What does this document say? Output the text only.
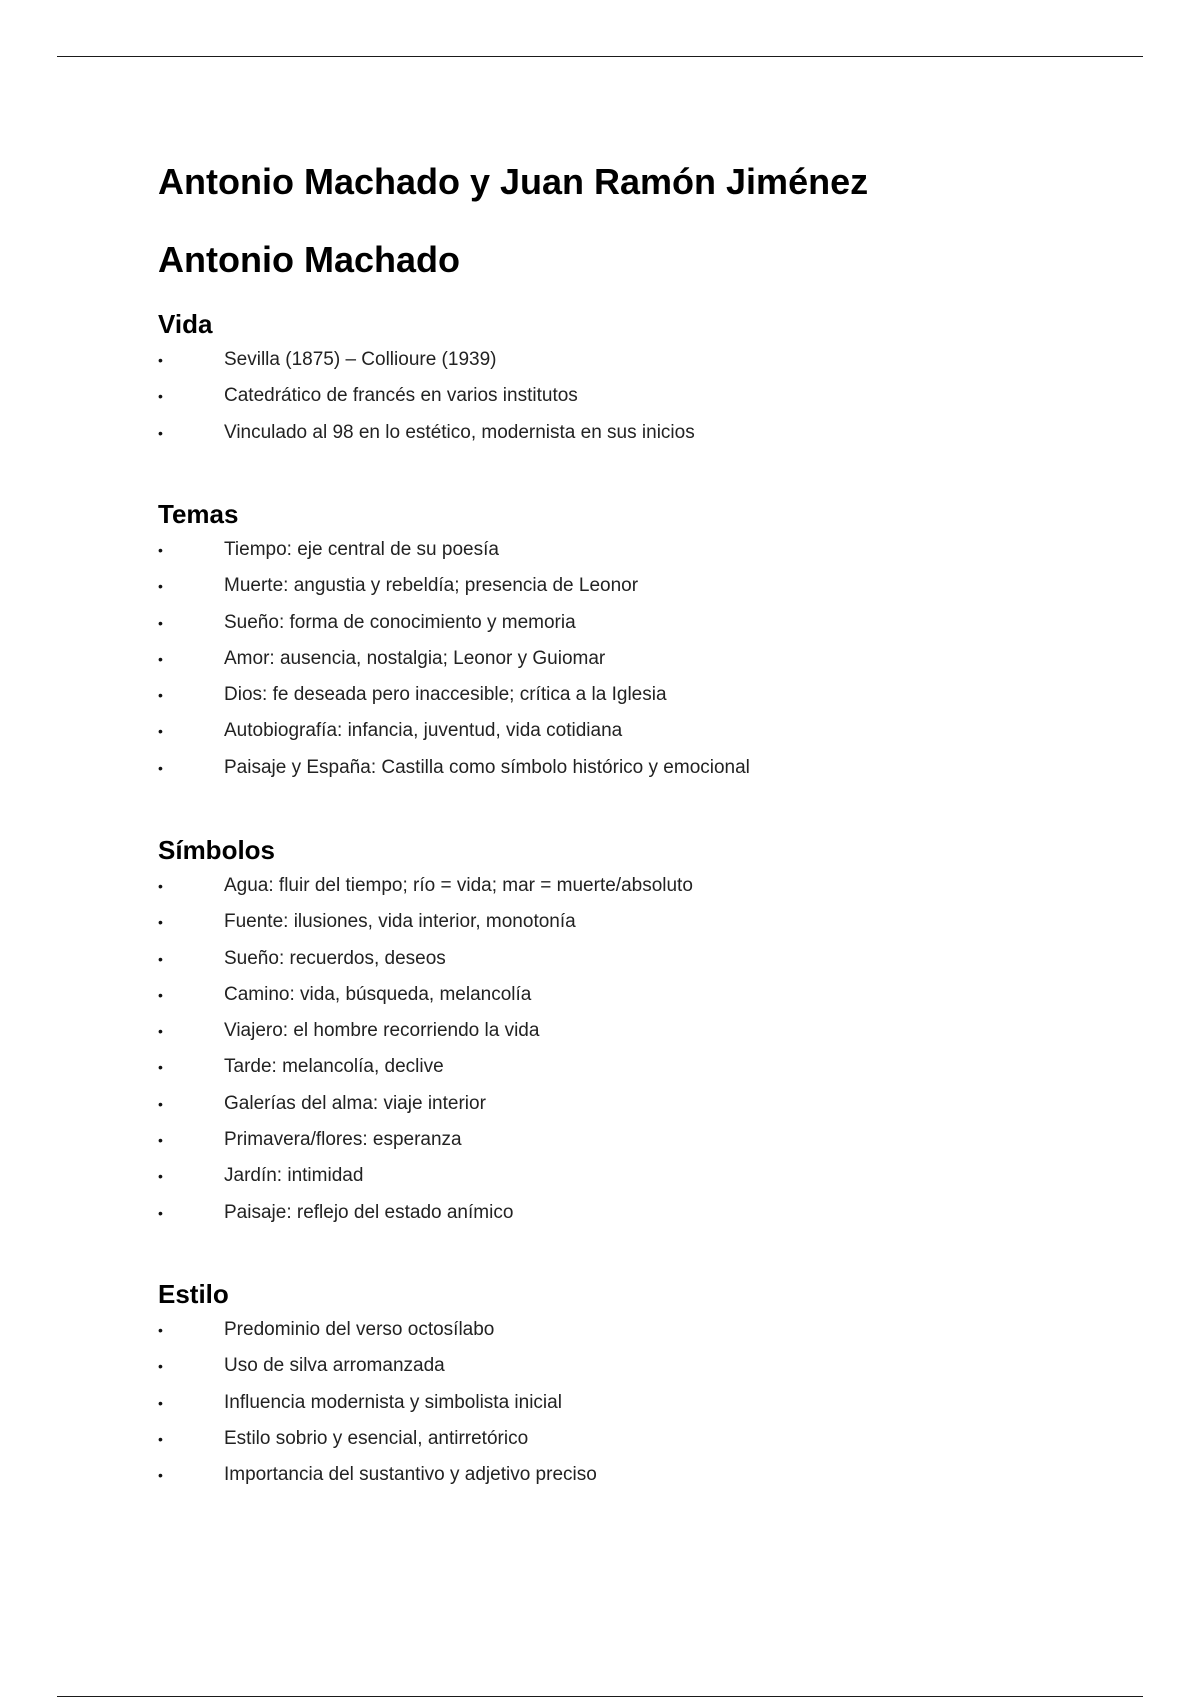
Antonio Machado y Juan Ramón Jiménez
Antonio Machado
Vida
•	Sevilla (1875) – Collioure (1939)
•	Catedrático de francés en varios institutos
•	Vinculado al 98 en lo estético, modernista en sus inicios
Temas
•	Tiempo: eje central de su poesía
•	Muerte: angustia y rebeldía; presencia de Leonor
•	Sueño: forma de conocimiento y memoria
•	Amor: ausencia, nostalgia; Leonor y Guiomar
•	Dios: fe deseada pero inaccesible; crítica a la Iglesia
•	Autobiografía: infancia, juventud, vida cotidiana
•	Paisaje y España: Castilla como símbolo histórico y emocional
Símbolos
•	Agua: fluir del tiempo; río = vida; mar = muerte/absoluto
•	Fuente: ilusiones, vida interior, monotonía
•	Sueño: recuerdos, deseos
•	Camino: vida, búsqueda, melancolía
•	Viajero: el hombre recorriendo la vida
•	Tarde: melancolía, declive
•	Galerías del alma: viaje interior
•	Primavera/flores: esperanza
•	Jardín: intimidad
•	Paisaje: reflejo del estado anímico
Estilo
•	Predominio del verso octosílabo
•	Uso de silva arromanzada
•	Influencia modernista y simbolista inicial
•	Estilo sobrio y esencial, antirretórico
•	Importancia del sustantivo y adjetivo preciso
